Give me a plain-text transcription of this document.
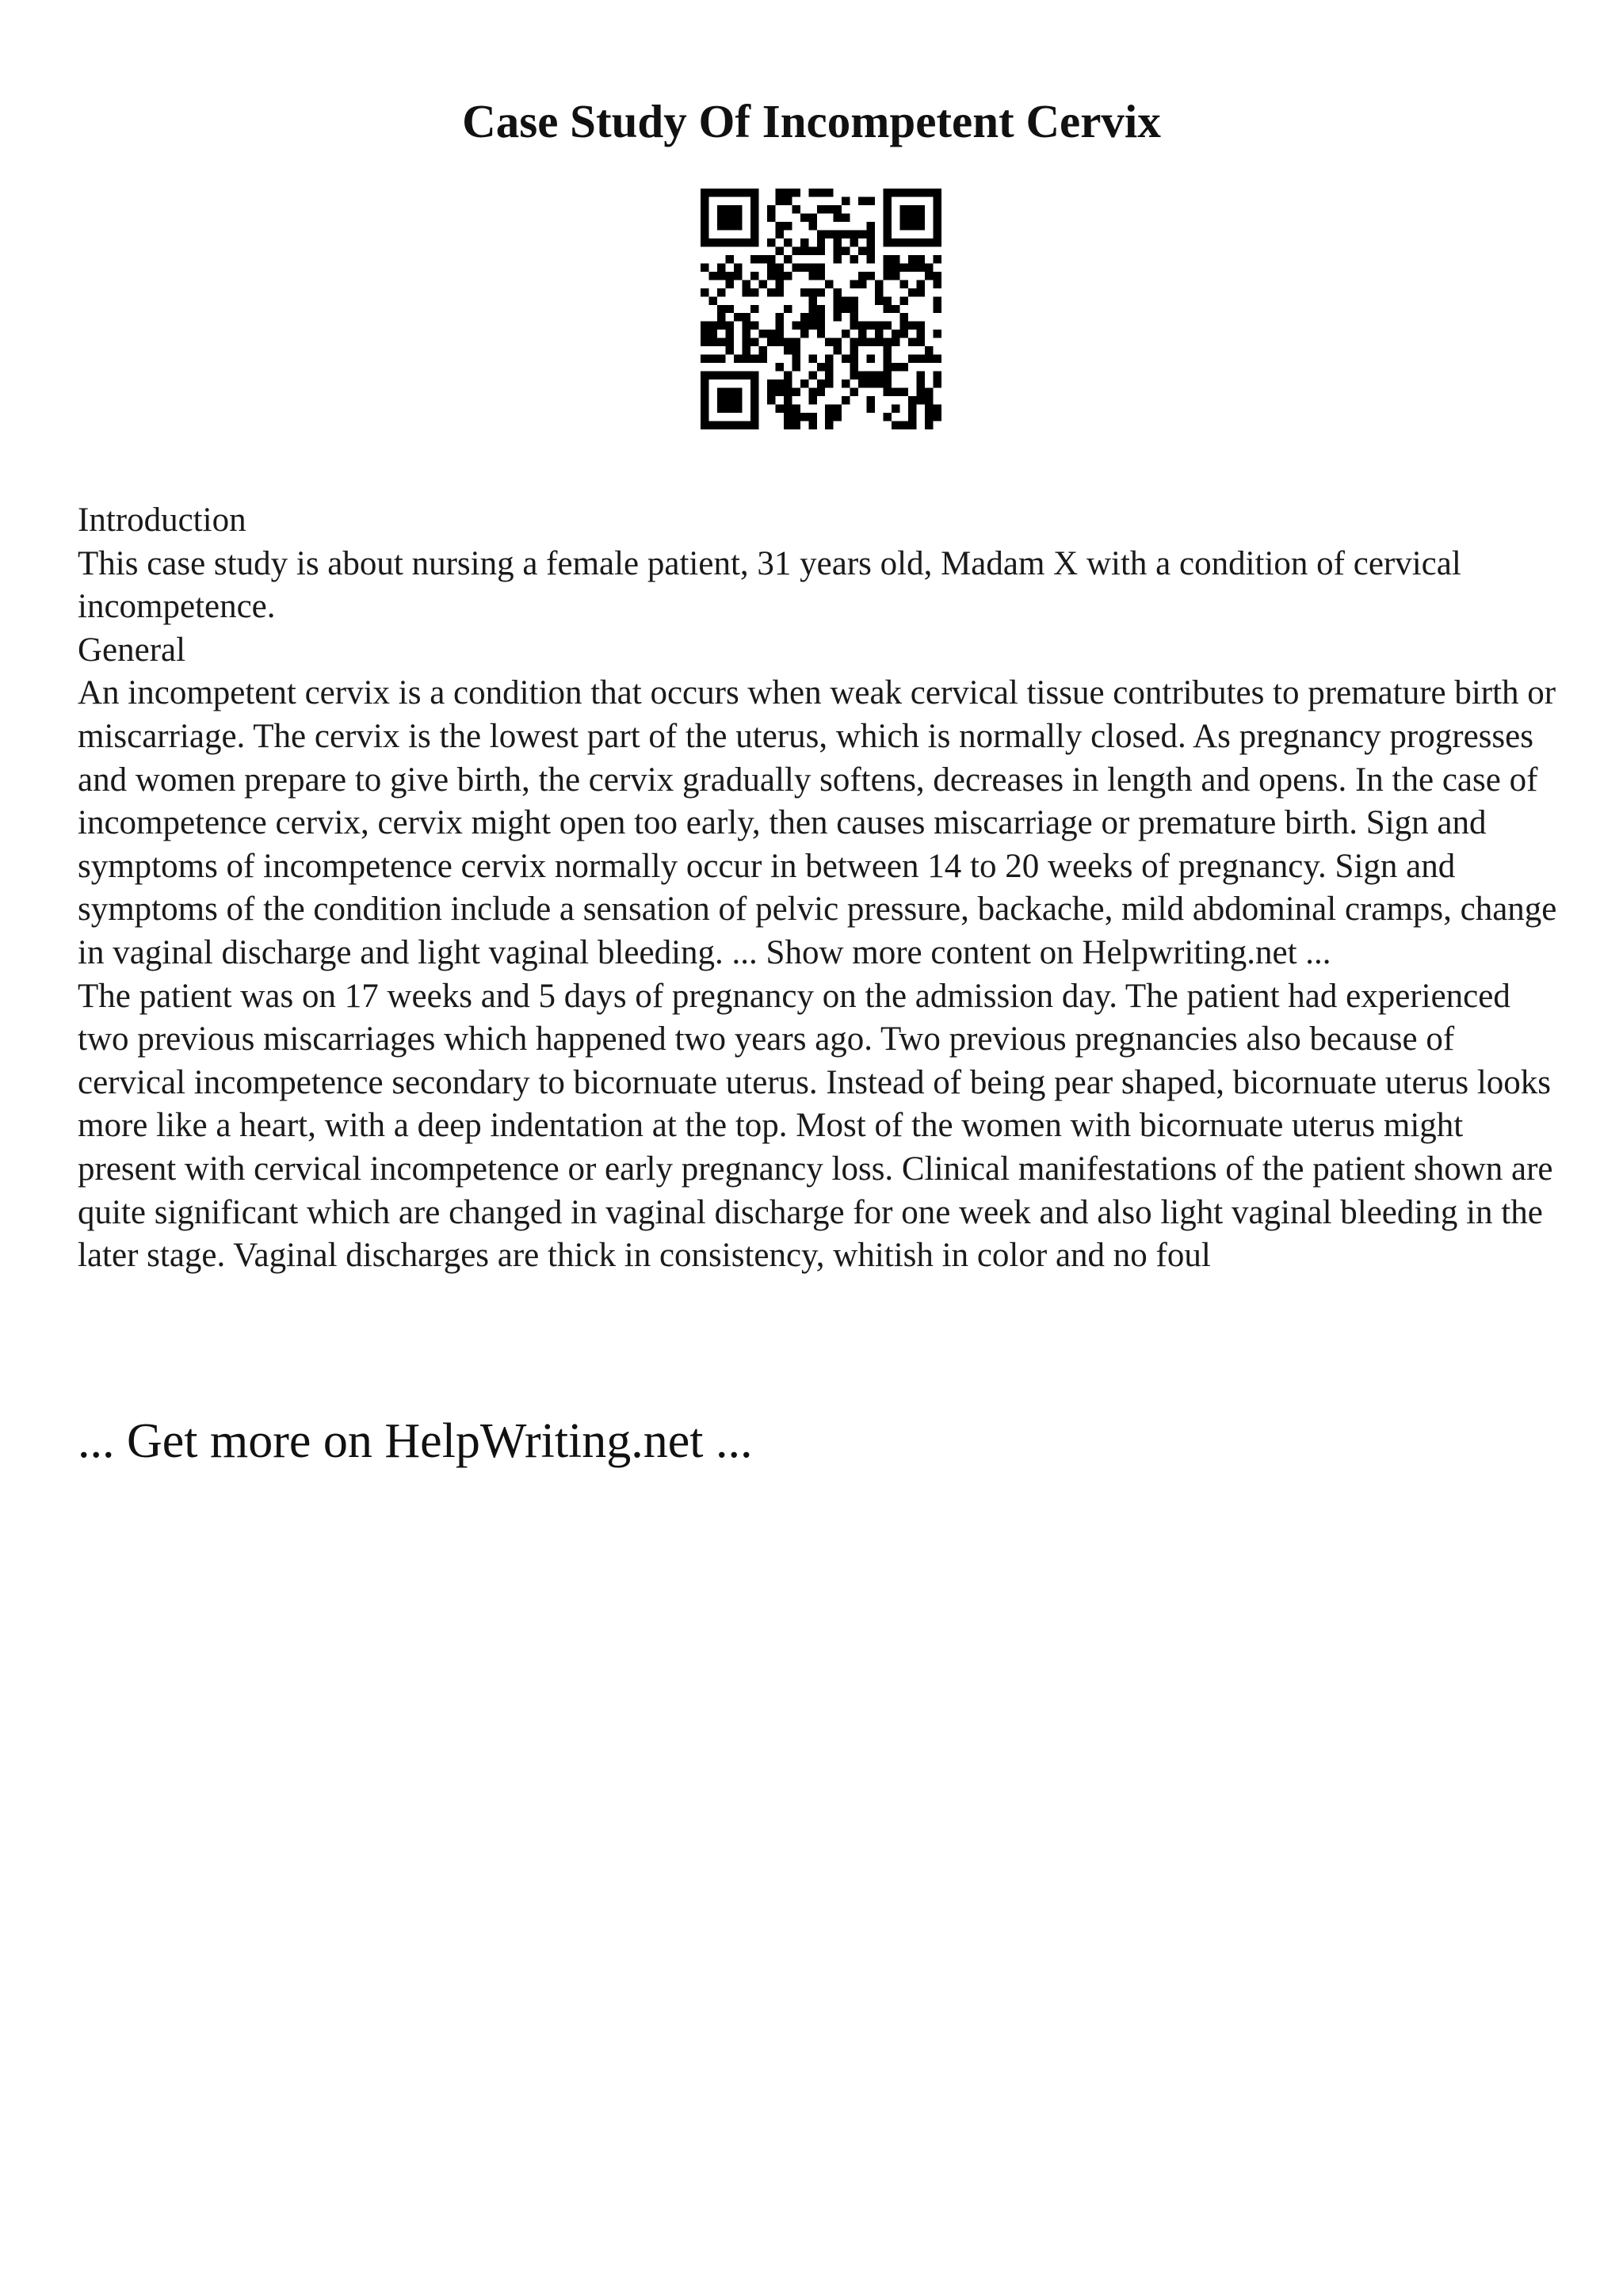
Case Study Of Incompetent Cervix

Introduction

This case study is about nursing a female patient, 31 years old, Madam X with a condition of cervical incompetence.

General

An incompetent cervix is a condition that occurs when weak cervical tissue contributes to premature birth or miscarriage. The cervix is the lowest part of the uterus, which is normally closed. As pregnancy progresses and women prepare to give birth, the cervix gradually softens, decreases in length and opens. In the case of incompetence cervix, cervix might open too early, then causes miscarriage or premature birth. Sign and symptoms of incompetence cervix normally occur in between 14 to 20 weeks of pregnancy. Sign and symptoms of the condition include a sensation of pelvic pressure, backache, mild abdominal cramps, change in vaginal discharge and light vaginal bleeding. ... Show more content on Helpwriting.net ...

The patient was on 17 weeks and 5 days of pregnancy on the admission day. The patient had experienced two previous miscarriages which happened two years ago. Two previous pregnancies also because of cervical incompetence secondary to bicornuate uterus. Instead of being pear shaped, bicornuate uterus looks more like a heart, with a deep indentation at the top. Most of the women with bicornuate uterus might present with cervical incompetence or early pregnancy loss. Clinical manifestations of the patient shown are quite significant which are changed in vaginal discharge for one week and also light vaginal bleeding in the later stage. Vaginal discharges are thick in consistency, whitish in color and no foul

... Get more on HelpWriting.net ...
